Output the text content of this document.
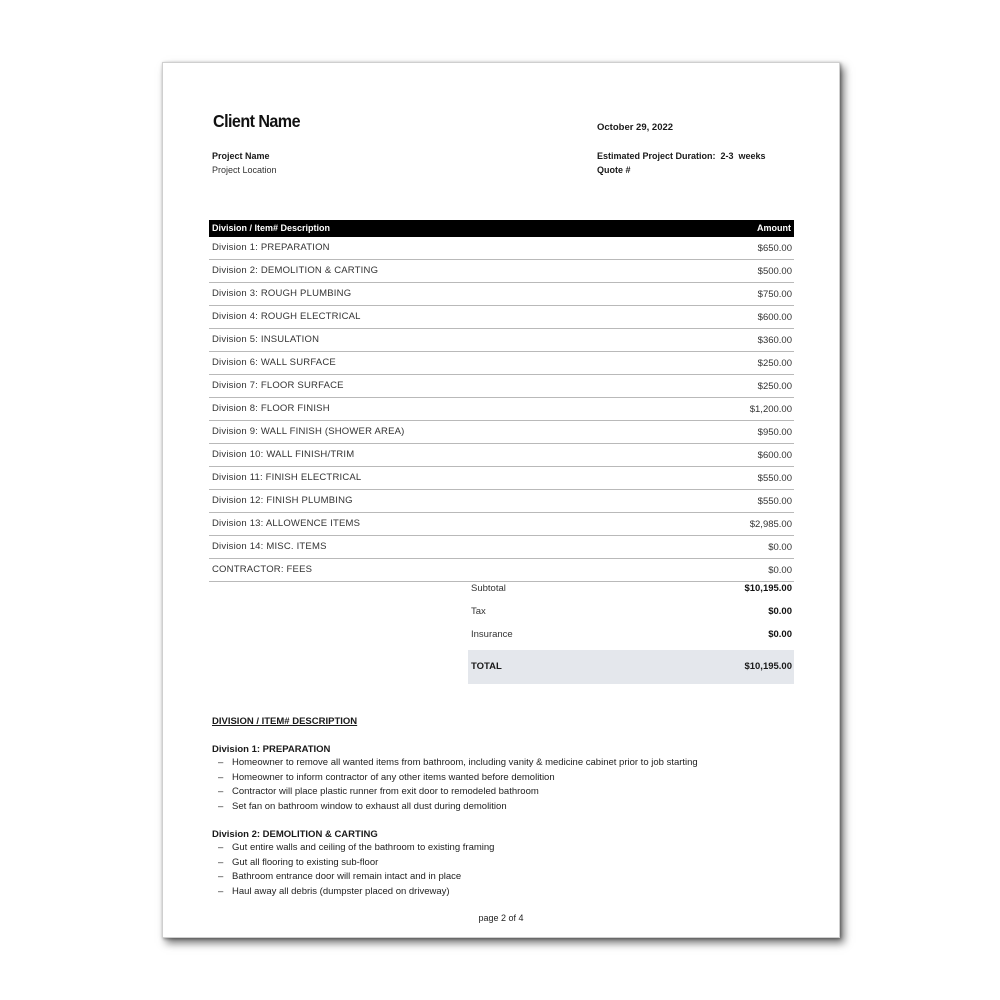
Client Name	October 29, 2022
Project Name
Project Location
Estimated Project Duration:  2-3  weeks
Quote #
Division / Item# Description	Amount
Division 1: PREPARATION	$650.00
Division 2: DEMOLITION & CARTING	$500.00
Division 3: ROUGH PLUMBING	$750.00
Division 4: ROUGH ELECTRICAL	$600.00
Division 5: INSULATION	$360.00
Division 6: WALL SURFACE	$250.00
Division 7: FLOOR SURFACE	$250.00
Division 8: FLOOR FINISH	$1,200.00
Division 9: WALL FINISH (SHOWER AREA)	$950.00
Division 10: WALL FINISH/TRIM	$600.00
Division 11: FINISH ELECTRICAL	$550.00
Division 12: FINISH PLUMBING	$550.00
Division 13: ALLOWENCE ITEMS	$2,985.00
Division 14: MISC. ITEMS	$0.00
CONTRACTOR: FEES	$0.00
Subtotal	$10,195.00
Tax	$0.00
Insurance	$0.00
TOTAL	$10,195.00
DIVISION / ITEM# DESCRIPTION
Division 1: PREPARATION
– Homeowner to remove all wanted items from bathroom, including vanity & medicine cabinet prior to job starting
– Homeowner to inform contractor of any other items wanted before demolition
– Contractor will place plastic runner from exit door to remodeled bathroom
– Set fan on bathroom window to exhaust all dust during demolition
Division 2: DEMOLITION & CARTING
– Gut entire walls and ceiling of the bathroom to existing framing
– Gut all flooring to existing sub-floor
– Bathroom entrance door will remain intact and in place
– Haul away all debris (dumpster placed on driveway)
page 2 of 4
